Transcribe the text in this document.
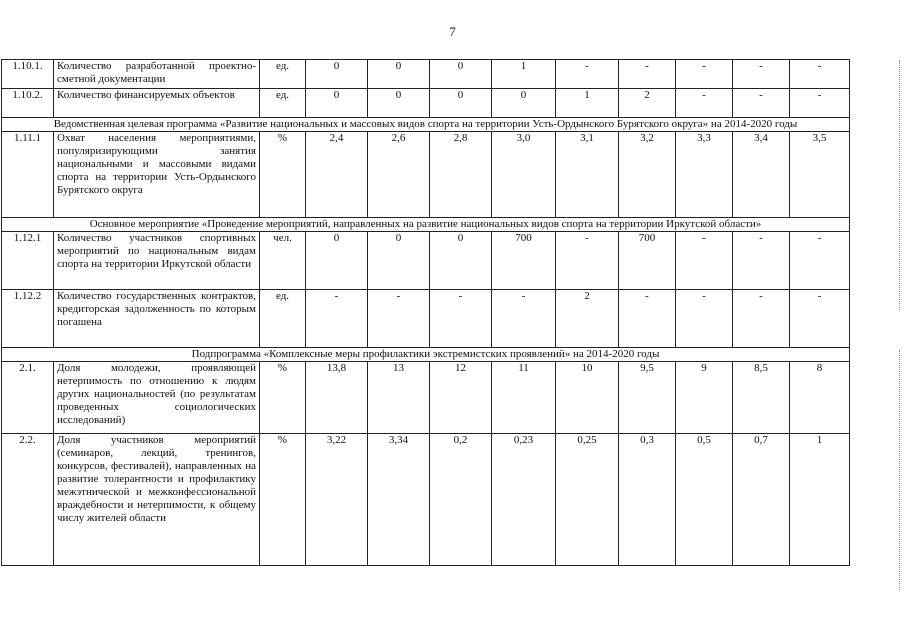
7
1.10.1.	Количество разработанной проектно-сметной документации	ед.	0	0	0	1	-	-	-	-	-
1.10.2.	Количество финансируемых объектов	ед.	0	0	0	0	1	2	-	-	-
Ведомственная целевая программа «Развитие национальных и массовых видов спорта на территории Усть-Ордынского Бурятского округа» на 2014-2020 годы											
1.11.1	Охват населения мероприятиями, популяризирующими занятия национальными и массовыми видами спорта на территории Усть-Ордынского Бурятского округа	%	2,4	2,6	2,8	3,0	3,1	3,2	3,3	3,4	3,5
Основное мероприятие «Проведение мероприятий, направленных на развитие национальных видов спорта на территории Иркутской области»											
1.12.1	Количество участников спортивных мероприятий по национальным видам спорта на территории Иркутской области	чел.	0	0	0	700	-	700	-	-	-
1.12.2	Количество государственных контрактов, кредиторская задолженность по которым погашена	ед.	-	-	-	-	2	-	-	-	-
Подпрограмма «Комплексные меры профилактики экстремистских проявлений» на 2014-2020 годы											
2.1.	Доля молодежи, проявляющей нетерпимость по отношению к людям других национальностей (по результатам проведенных социологических исследований)	%	13,8	13	12	11	10	9,5	9	8,5	8
2.2.	Доля участников мероприятий (семинаров, лекций, тренингов, конкурсов, фестивалей), направленных на развитие толерантности и профилактику межэтнической и межконфессиональной враждебности и нетерпимости, к общему числу жителей области	%	3,22	3,34	0,2	0,23	0,25	0,3	0,5	0,7	1
